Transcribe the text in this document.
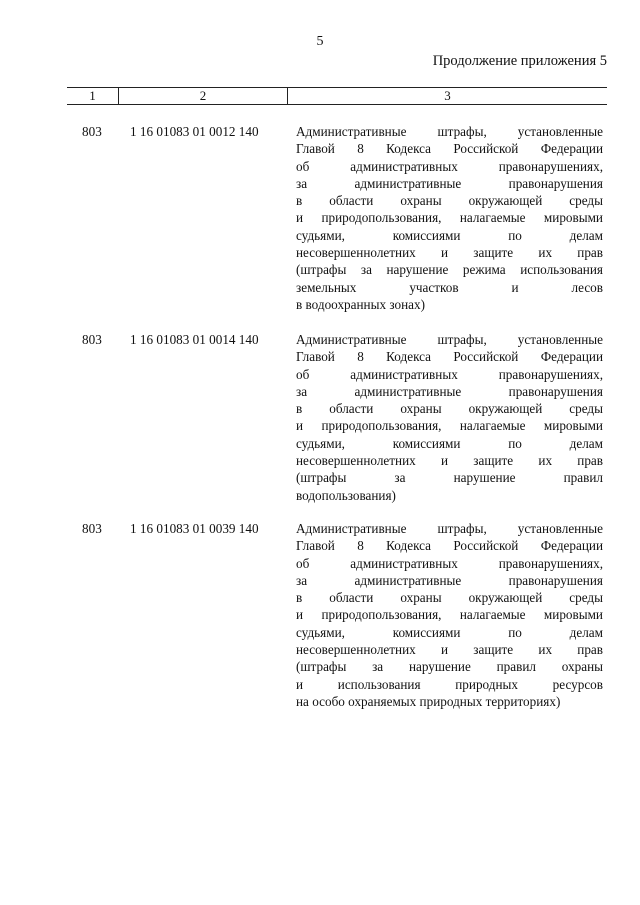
5
Продолжение приложения 5
1	2	3
803 1 16 01083 01 0012 140	Административные штрафы, установленные
Главой 8 Кодекса Российской Федерации
об административных правонарушениях,
за административные правонарушения
в области охраны окружающей среды
и природопользования, налагаемые мировыми
судьями, комиссиями по делам
несовершеннолетних и защите их прав
(штрафы за нарушение режима использования
земельных участков и лесов
в водоохранных зонах)
803 1 16 01083 01 0014 140	Административные штрафы, установленные
Главой 8 Кодекса Российской Федерации
об административных правонарушениях,
за административные правонарушения
в области охраны окружающей среды
и природопользования, налагаемые мировыми
судьями, комиссиями по делам
несовершеннолетних и защите их прав
(штрафы за нарушение правил
водопользования)
803 1 16 01083 01 0039 140	Административные штрафы, установленные
Главой 8 Кодекса Российской Федерации
об административных правонарушениях,
за административные правонарушения
в области охраны окружающей среды
и природопользования, налагаемые мировыми
судьями, комиссиями по делам
несовершеннолетних и защите их прав
(штрафы за нарушение правил охраны
и использования природных ресурсов
на особо охраняемых природных территориях)
